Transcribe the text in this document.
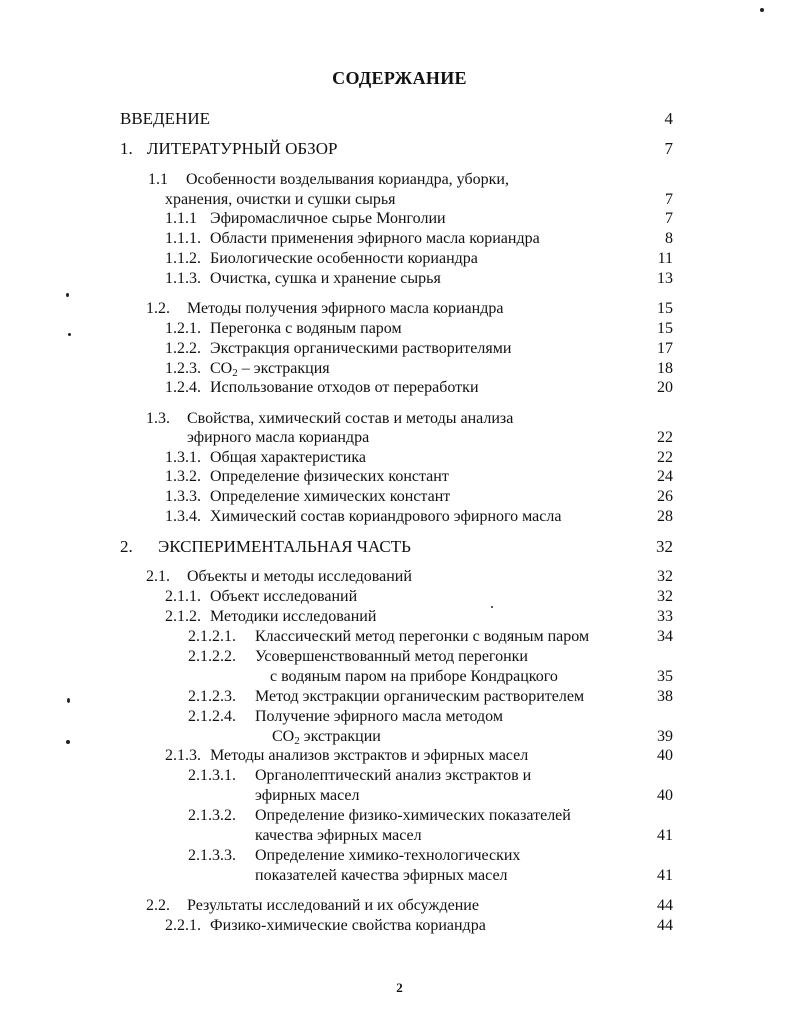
СОДЕРЖАНИЕ
ВВЕДЕНИЕ	4
1. ЛИТЕРАТУРНЫЙ ОБЗОР	7
1.1 Особенности возделывания кориандра, уборки,
хранения, очистки и сушки сырья	7
1.1.1 Эфиромасличное сырье Монголии	7
1.1.1. Области применения эфирного масла кориандра	8
1.1.2. Биологические особенности кориандра	11
1.1.3. Очистка, сушка и хранение сырья	13
1.2. Методы получения эфирного масла кориандра	15
1.2.1. Перегонка с водяным паром	15
1.2.2. Экстракция органическими растворителями	17
1.2.3. $CO_2$ – экстракция	18
1.2.4. Использование отходов от переработки	20
1.3. Свойства, химический состав и методы анализа
эфирного масла кориандра	22
1.3.1. Общая характеристика	22
1.3.2. Определение физических констант	24
1.3.3. Определение химических констант	26
1.3.4. Химический состав кориандрового эфирного масла	28
2. ЭКСПЕРИМЕНТАЛЬНАЯ ЧАСТЬ	32
2.1. Объекты и методы исследований	32
2.1.1. Объект исследований	32
2.1.2. Методики исследований	33
2.1.2.1. Классический метод перегонки с водяным паром	34
2.1.2.2. Усовершенствованный метод перегонки
с водяным паром на приборе Кондрацкого	35
2.1.2.3. Метод экстракции органическим растворителем	38
2.1.2.4. Получение эфирного масла методом
$CO_2$ экстракции	39
2.1.3. Методы анализов экстрактов и эфирных масел	40
2.1.3.1. Органолептический анализ экстрактов и
эфирных масел	40
2.1.3.2. Определение физико-химических показателей
качества эфирных масел	41
2.1.3.3. Определение химико-технологических
показателей качества эфирных масел	41
2.2. Результаты исследований и их обсуждение	44
2.2.1. Физико-химические свойства кориандра	44
2
